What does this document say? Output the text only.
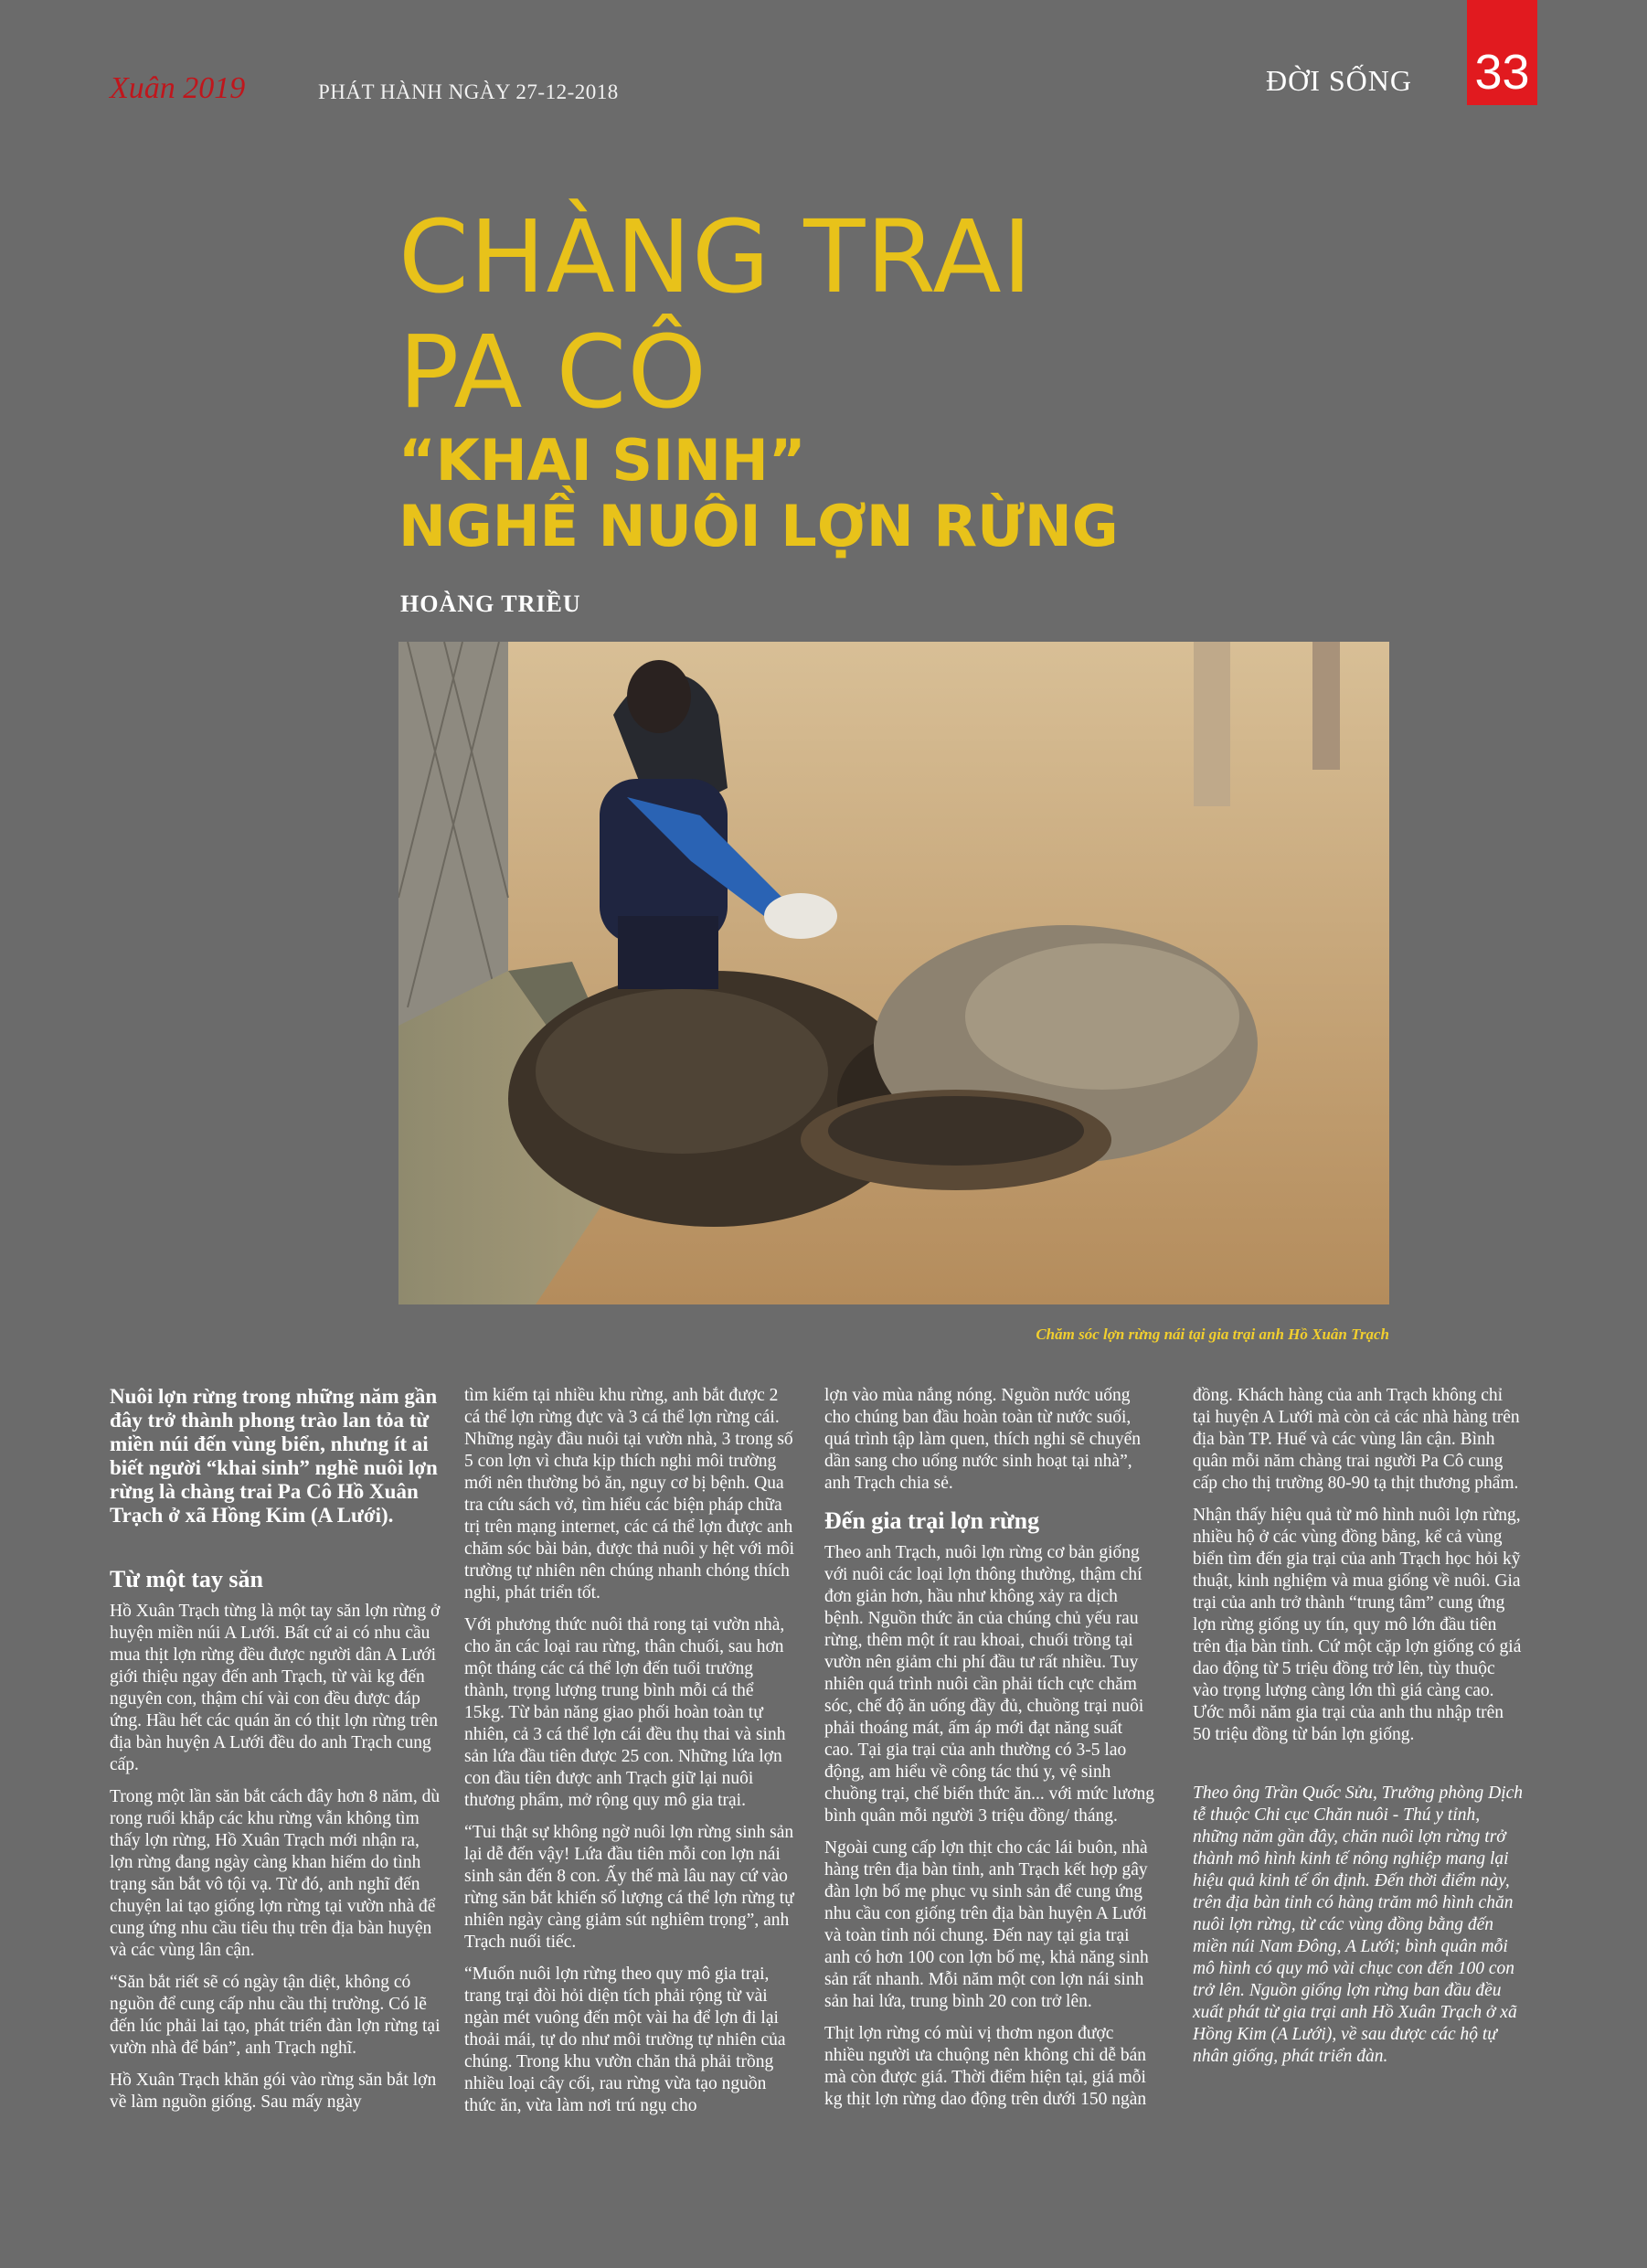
Xuân 2019	PHÁT HÀNH NGÀY 27-12-2018	ĐỜI SỐNG 33
CHÀNG TRAI
PA CÔ
“KHAI SINH”
NGHỀ NUÔI LỢN RỪNG
HOÀNG TRIỀU
Chăm sóc lợn rừng nái tại gia trại anh Hồ Xuân Trạch

Nuôi lợn rừng trong những năm gần đây trở thành phong trào lan tỏa từ miền núi đến vùng biển, nhưng ít ai biết người “khai sinh” nghề nuôi lợn rừng là chàng trai Pa Cô Hồ Xuân Trạch ở xã Hồng Kim (A Lưới).

Từ một tay săn

Hồ Xuân Trạch từng là một tay săn lợn rừng ở huyện miền núi A Lưới. Bất cứ ai có nhu cầu mua thịt lợn rừng đều được người dân A Lưới giới thiệu ngay đến anh Trạch, từ vài kg đến nguyên con, thậm chí vài con đều được đáp ứng. Hầu hết các quán ăn có thịt lợn rừng trên địa bàn huyện A Lưới đều do anh Trạch cung cấp.

Trong một lần săn bắt cách đây hơn 8 năm, dù rong ruổi khắp các khu rừng vẫn không tìm thấy lợn rừng, Hồ Xuân Trạch mới nhận ra, lợn rừng đang ngày càng khan hiếm do tình trạng săn bắt vô tội vạ. Từ đó, anh nghĩ đến chuyện lai tạo giống lợn rừng tại vườn nhà để cung ứng nhu cầu tiêu thụ trên địa bàn huyện và các vùng lân cận.

“Săn bắt riết sẽ có ngày tận diệt, không có nguồn để cung cấp nhu cầu thị trường. Có lẽ đến lúc phải lai tạo, phát triển đàn lợn rừng tại vườn nhà để bán”, anh Trạch nghĩ.

Hồ Xuân Trạch khăn gói vào rừng săn bắt lợn về làm nguồn giống. Sau mấy ngày

tìm kiếm tại nhiều khu rừng, anh bắt được 2 cá thể lợn rừng đực và 3 cá thể lợn rừng cái. Những ngày đầu nuôi tại vườn nhà, 3 trong số 5 con lợn vì chưa kịp thích nghi môi trường mới nên thường bỏ ăn, nguy cơ bị bệnh. Qua tra cứu sách vở, tìm hiểu các biện pháp chữa trị trên mạng internet, các cá thể lợn được anh chăm sóc bài bản, được thả nuôi y hệt với môi trường tự nhiên nên chúng nhanh chóng thích nghi, phát triển tốt.

Với phương thức nuôi thả rong tại vườn nhà, cho ăn các loại rau rừng, thân chuối, sau hơn một tháng các cá thể lợn đến tuổi trưởng thành, trọng lượng trung bình mỗi cá thể 15kg. Từ bản năng giao phối hoàn toàn tự nhiên, cả 3 cá thể lợn cái đều thụ thai và sinh sản lứa đầu tiên được 25 con. Những lứa lợn con đầu tiên được anh Trạch giữ lại nuôi thương phẩm, mở rộng quy mô gia trại.

“Tui thật sự không ngờ nuôi lợn rừng sinh sản lại dễ đến vậy! Lứa đầu tiên mỗi con lợn nái sinh sản đến 8 con. Ấy thế mà lâu nay cứ vào rừng săn bắt khiến số lượng cá thể lợn rừng tự nhiên ngày càng giảm sút nghiêm trọng”, anh Trạch nuối tiếc.

“Muốn nuôi lợn rừng theo quy mô gia trại, trang trại đòi hỏi diện tích phải rộng từ vài ngàn mét vuông đến một vài ha để lợn đi lại thoải mái, tự do như môi trường tự nhiên của chúng. Trong khu vườn chăn thả phải trồng nhiều loại cây cối, rau rừng vừa tạo nguồn thức ăn, vừa làm nơi trú ngụ cho

lợn vào mùa nắng nóng. Nguồn nước uống cho chúng ban đầu hoàn toàn từ nước suối, quá trình tập làm quen, thích nghi sẽ chuyển dần sang cho uống nước sinh hoạt tại nhà”, anh Trạch chia sẻ.

Đến gia trại lợn rừng

Theo anh Trạch, nuôi lợn rừng cơ bản giống với nuôi các loại lợn thông thường, thậm chí đơn giản hơn, hầu như không xảy ra dịch bệnh. Nguồn thức ăn của chúng chủ yếu rau rừng, thêm một ít rau khoai, chuối trồng tại vườn nên giảm chi phí đầu tư rất nhiều. Tuy nhiên quá trình nuôi cần phải tích cực chăm sóc, chế độ ăn uống đầy đủ, chuồng trại nuôi phải thoáng mát, ấm áp mới đạt năng suất cao. Tại gia trại của anh thường có 3-5 lao động, am hiểu về công tác thú y, vệ sinh chuồng trại, chế biến thức ăn... với mức lương bình quân mỗi người 3 triệu đồng/ tháng.

Ngoài cung cấp lợn thịt cho các lái buôn, nhà hàng trên địa bàn tỉnh, anh Trạch kết hợp gây đàn lợn bố mẹ phục vụ sinh sản để cung ứng nhu cầu con giống trên địa bàn huyện A Lưới và toàn tỉnh nói chung. Đến nay tại gia trại anh có hơn 100 con lợn bố mẹ, khả năng sinh sản rất nhanh. Mỗi năm một con lợn nái sinh sản hai lứa, trung bình 20 con trở lên.

Thịt lợn rừng có mùi vị thơm ngon được nhiều người ưa chuộng nên không chỉ dễ bán mà còn được giá. Thời điểm hiện tại, giá mỗi kg thịt lợn rừng dao động trên dưới 150 ngàn

đồng. Khách hàng của anh Trạch không chỉ tại huyện A Lưới mà còn cả các nhà hàng trên địa bàn TP. Huế và các vùng lân cận. Bình quân mỗi năm chàng trai người Pa Cô cung cấp cho thị trường 80-90 tạ thịt thương phẩm.

Nhận thấy hiệu quả từ mô hình nuôi lợn rừng, nhiều hộ ở các vùng đồng bằng, kể cả vùng biển tìm đến gia trại của anh Trạch học hỏi kỹ thuật, kinh nghiệm và mua giống về nuôi. Gia trại của anh trở thành “trung tâm” cung ứng lợn rừng giống uy tín, quy mô lớn đầu tiên trên địa bàn tỉnh. Cứ một cặp lợn giống có giá dao động từ 5 triệu đồng trở lên, tùy thuộc vào trọng lượng càng lớn thì giá càng cao. Ước mỗi năm gia trại của anh thu nhập trên 50 triệu đồng từ bán lợn giống.

Theo ông Trần Quốc Sửu, Trưởng phòng Dịch tễ thuộc Chi cục Chăn nuôi - Thú y tỉnh, những năm gần đây, chăn nuôi lợn rừng trở thành mô hình kinh tế nông nghiệp mang lại hiệu quả kinh tế ổn định. Đến thời điểm này, trên địa bàn tỉnh có hàng trăm mô hình chăn nuôi lợn rừng, từ các vùng đồng bằng đến miền núi Nam Đông, A Lưới; bình quân mỗi mô hình có quy mô vài chục con đến 100 con trở lên. Nguồn giống lợn rừng ban đầu đều xuất phát từ gia trại anh Hồ Xuân Trạch ở xã Hồng Kim (A Lưới), về sau được các hộ tự nhân giống, phát triển đàn.
